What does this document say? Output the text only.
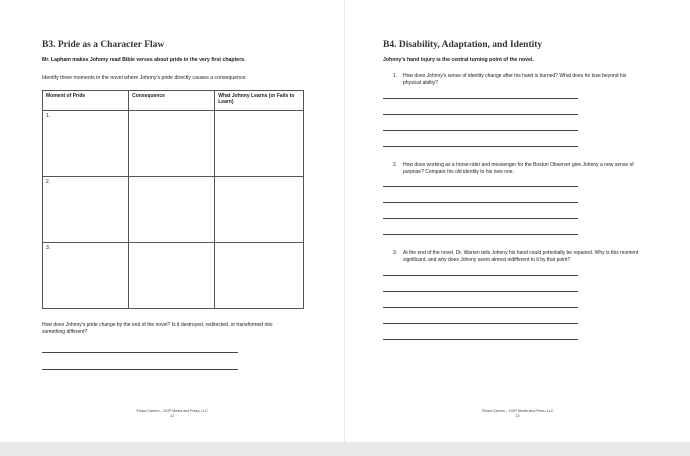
B3. Pride as a Character Flaw

Mr. Lapham makes Johnny read Bible verses about pride in the very first chapters.

Identify three moments in the novel where Johnny's pride directly causes a consequence:

Moment of Pride	Consequence	What Johnny Learns (or Fails to Learn)
1.		
2.		
3.		

How does Johnny's pride change by the end of the novel? Is it destroyed, redirected, or transformed into something different?

©Kara Carrero – DGP Media and Press, LLC
12
B4. Disability, Adaptation, and Identity

Johnny's hand injury is the central turning point of the novel.

1.	How does Johnny's sense of identity change after his hand is burned? What does he lose beyond his physical ability?
2.	How does working as a horse-rider and messenger for the Boston Observer give Johnny a new sense of purpose? Compare his old identity to his new one.
3.	At the end of the novel, Dr. Warren tells Johnny his hand could potentially be repaired. Why is this moment significant, and why does Johnny seem almost indifferent to it by that point?
©Kara Carrero – DGP Media and Press, LLC
13
